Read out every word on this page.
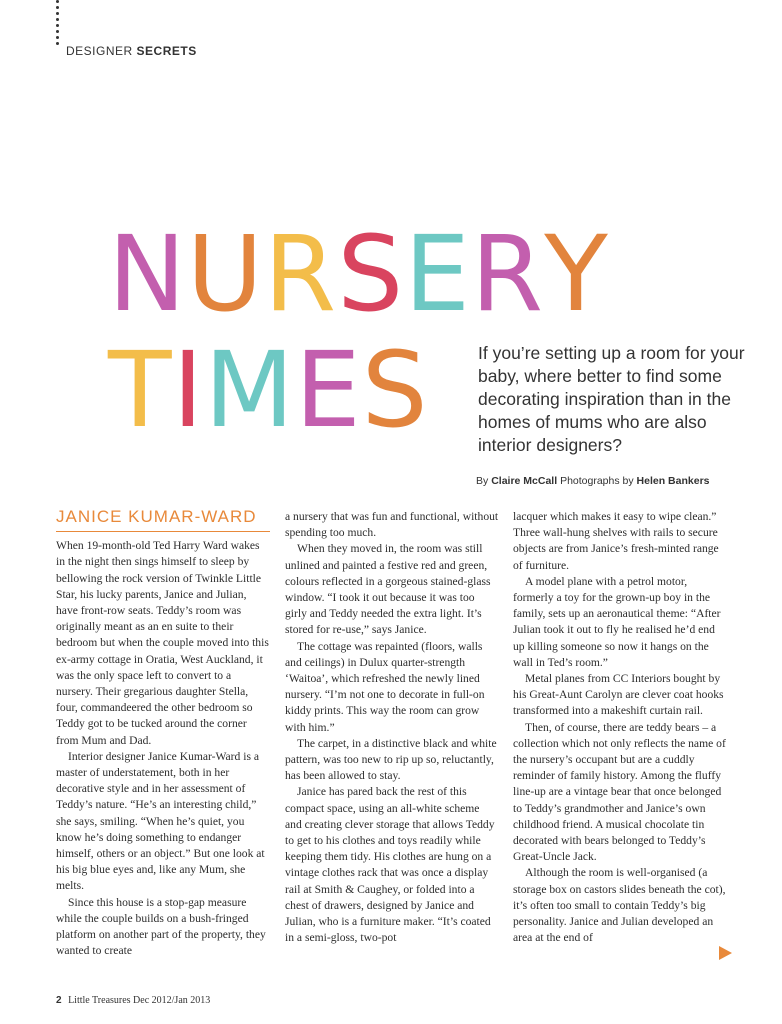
DESIGNER SECRETS
NURSERY
TIMES	If you’re setting up a room for your baby, where better to find some decorating inspiration than in the homes of mums who are also interior designers?
By Claire McCall Photographs by Helen Bankers
JANICE KUMAR-WARD

When 19-month-old Ted Harry Ward wakes in the night then sings himself to sleep by bellowing the rock version of Twinkle Little Star, his lucky parents, Janice and Julian, have front-row seats. Teddy’s room was originally meant as an en suite to their bedroom but when the couple moved into this ex-army cottage in Oratia, West Auckland, it was the only space left to convert to a nursery. Their gregarious daughter Stella, four, commandeered the other bedroom so Teddy got to be tucked around the corner from Mum and Dad.

Interior designer Janice Kumar-Ward is a master of understatement, both in her decorative style and in her assessment of Teddy’s nature. “He’s an interesting child,” she says, smiling. “When he’s quiet, you know he’s doing something to endanger himself, others or an object.” But one look at his big blue eyes and, like any Mum, she melts.

Since this house is a stop-gap measure while the couple builds on a bush-fringed platform on another part of the property, they wanted to create

a nursery that was fun and functional, without spending too much.

When they moved in, the room was still unlined and painted a festive red and green, colours reflected in a gorgeous stained-glass window. “I took it out because it was too girly and Teddy needed the extra light. It’s stored for re-use,” says Janice.

The cottage was repainted (floors, walls and ceilings) in Dulux quarter-strength ‘Waitoa’, which refreshed the newly lined nursery. “I’m not one to decorate in full-on kiddy prints. This way the room can grow with him.”

The carpet, in a distinctive black and white pattern, was too new to rip up so, reluctantly, has been allowed to stay.

Janice has pared back the rest of this compact space, using an all-white scheme and creating clever storage that allows Teddy to get to his clothes and toys readily while keeping them tidy. His clothes are hung on a vintage clothes rack that was once a display rail at Smith & Caughey, or folded into a chest of drawers, designed by Janice and Julian, who is a furniture maker. “It’s coated in a semi-gloss, two-pot

lacquer which makes it easy to wipe clean.” Three wall-hung shelves with rails to secure objects are from Janice’s fresh-minted range of furniture.

A model plane with a petrol motor, formerly a toy for the grown-up boy in the family, sets up an aeronautical theme: “After Julian took it out to fly he realised he’d end up killing someone so now it hangs on the wall in Ted’s room.”

Metal planes from CC Interiors bought by his Great-Aunt Carolyn are clever coat hooks transformed into a makeshift curtain rail.

Then, of course, there are teddy bears – a collection which not only reflects the name of the nursery’s occupant but are a cuddly reminder of family history. Among the fluffy line-up are a vintage bear that once belonged to Teddy’s grandmother and Janice’s own childhood friend. A musical chocolate tin decorated with bears belonged to Teddy’s Great-Uncle Jack.

Although the room is well-organised (a storage box on castors slides beneath the cot), it’s often too small to contain Teddy’s big personality. Janice and Julian developed an area at the end of

2 Little Treasures Dec 2012/Jan 2013
